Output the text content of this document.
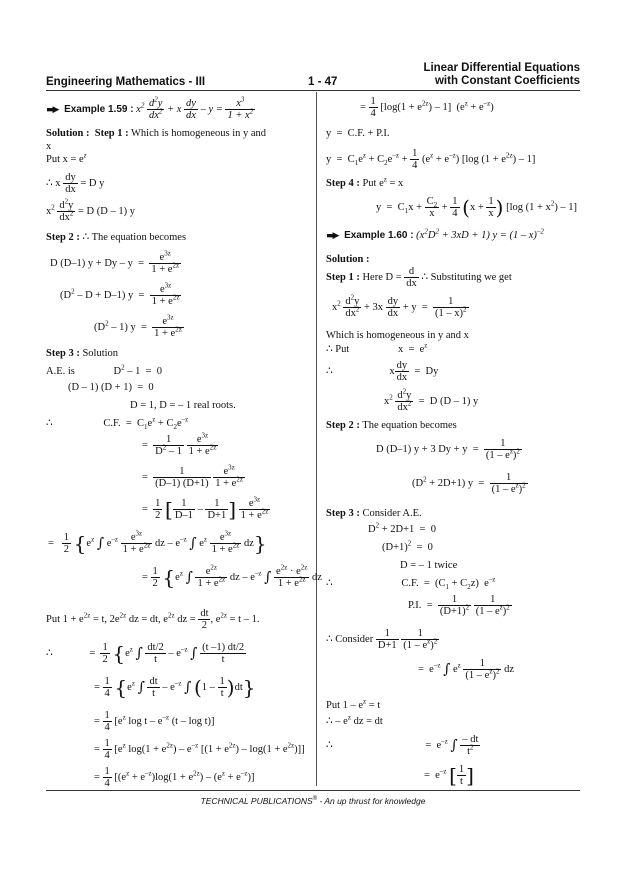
Engineering Mathematics - III	1 - 47
Linear Differential Equations
with Constant Coefficients
▬▶ Example 1.59 : $x^2 \frac{d^2y}{dx^2} + x \frac{dy}{dx} - y = \frac{x^3}{1 + x^2}$
Solution : Step 1 : Which is homogeneous in y and
x
Put $x = e^z$
∴ x $\frac{dy}{dx} = D$ y
$x^2 \frac{d^2y}{dx^2} = D$ (D – 1) y
Step 2 : ∴ The equation becomes
D (D–1) $y + Dy - y = \frac{e^{3z}}{1 + e^{2z}}$
$(D^2 - D + D-1) y = \frac{e^{3z}}{1 + e^{2z}}$
$(D^2 - 1) y = \frac{e^{3z}}{1 + e^{2z}}$
Step 3 : Solution
A.E. is	$D^2 - 1 = 0$
(D – 1) (D + 1)  =  0
D = 1, D = – 1 real roots.
∴	C.F.  =  $C_1e^z + C_2e^{-z}$
= $\frac{1}{D^2 - 1}$
$\frac{e^{3z}}{1 + e^{2z}}$
= $\frac{1}{(D-1) (D+1)}$
$\frac{e^{3z}}{1 + e^{2z}}$
= $\frac{1}{2}$ [ $\frac{1}{D-1} - \frac{1}{D+1}$ ] $\frac{e^{3z}}{1 + e^{2z}}$
= $\frac{1}{2} \{e^z$ ∫ $e^{-z} \frac{e^{3z}}{1 + e^{2z}}$ dz – $e^{-z}$ ∫ $e^z \frac{e^{3z}}{1 + e^{2z}} dz$}
= $\frac{1}{2} \{e^z$ ∫ $\frac{e^{2z}}{1 + e^{2z}}$ dz – $e^{-z}$ ∫ $\frac{e^{2z} \cdot e^{2z}}{1 + e^{2z}}$ dz
Put $1 + e^{2z} = t$, $2e^{2z}$ dz = dt, $e^{2z}$ dz = $\frac{dt}{2}$ , $e^{2z} = t - 1$.
∴	= $\frac{1}{2} \{e^z$ ∫ $\frac{dt/2}{t} - e^{-z}$ ∫ $\frac{(t -1) dt/2}{t}$
= $\frac{1}{4} \{e^z$ ∫ $\frac{dt}{t} - e^{-z}$ ∫ $(1 - \frac{1}{t} )dt$}
= $\frac{1}{4} [e^z$ log t – $e^{-z}$ (t – log t)]
= $\frac{1}{4} [e^z$ $\log(1 + e^{2z}) - e^{-z}$ $[(1 + e^{2z}) - \log(1 + e^{2z})]$]
= $\frac{1}{4} [(e^z + e^{-z})\log(1 + e^{2z}) - (e^z + e^{-z})]$
= $\frac{1}{4} [\log(1 + e^{2z}) - 1] (e^z + e^{-z})$
y  =  C.F. + P.I.
$y = C_1e^z + C_2e^{-z} + \frac{1}{4} (e^z + e^{-z})$ [log $(1 + e^{2z}) - 1$]
Step 4 : Put $e^z = x$
$y = C_1x + \frac{C_2}{x} + \frac{1}{4} (x + \frac{1}{x}$ ) [log $(1 + x^2) - 1$]
▬▶ Example 1.60 : $(x^2D^2 + 3xD + 1) y = (1 - x)^{-2}$
Solution :
Step 1 : Here $D = \frac{d}{dx}$ ∴ Substituting we get
$x^2 \frac{d^2y}{dx^2} + 3x \frac{dy}{dx} + y = \frac{1}{(1 - x)^2}$
Which is homogeneous in y and x
∴ Put	$x = e^z$
∴	x $\frac{dy}{dx} = Dy$
$x^2 \frac{d^2y}{dx^2} = D$ (D – 1) y
Step 2 : The equation becomes
D (D–1) y + 3 $Dy + y = \frac{1}{(1 - e^z)^2}$
$(D^2 + 2D+1) y = \frac{1}{(1 - e^z)^2}$
Step 3 : Consider A.E.
$D^2 + 2D+1 = 0$
$(D+1)^2 = 0$
D = – 1 twice
∴	C.F.  =  $(C_1 + C_2z)$  $e^{-z}$
P.I.  = $\frac{1}{(D+1)^2}$
$\frac{1}{(1 - e^z)^2}$
∴ Consider $\frac{1}{D+1}$
$\frac{1}{(1 - e^z)^2}$
=  $e^{-z}$ ∫ $e^z \frac{1}{(1 - e^z)^2}$ dz
Put $1 - e^z = t$
∴ – $e^z$ dz = dt
∴	=  $e^{-z}$ ∫ $\frac{- dt}{t^2}$
=  $e^{-z}$ [ $\frac{1}{t}$ ]
TECHNICAL PUBLICATIONS® - An up thrust for knowledge
